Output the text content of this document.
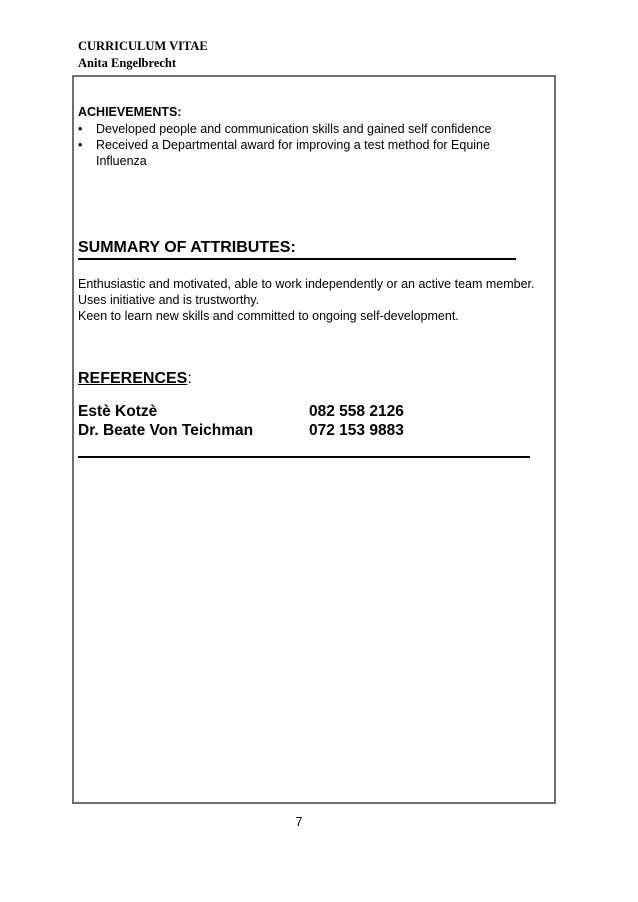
CURRICULUM VITAE
Anita Engelbrecht
ACHIEVEMENTS:
• Developed people and communication skills and gained self confidence
• Received a Departmental award for improving a test method for Equine Influenza
SUMMARY OF ATTRIBUTES:
Enthusiastic and motivated, able to work independently or an active team member.
Uses initiative and is trustworthy.
Keen to learn new skills and committed to ongoing self-development.
REFERENCES:
Estè Kotzè	082 558 2126
Dr. Beate Von Teichman	072 153 9883
7
